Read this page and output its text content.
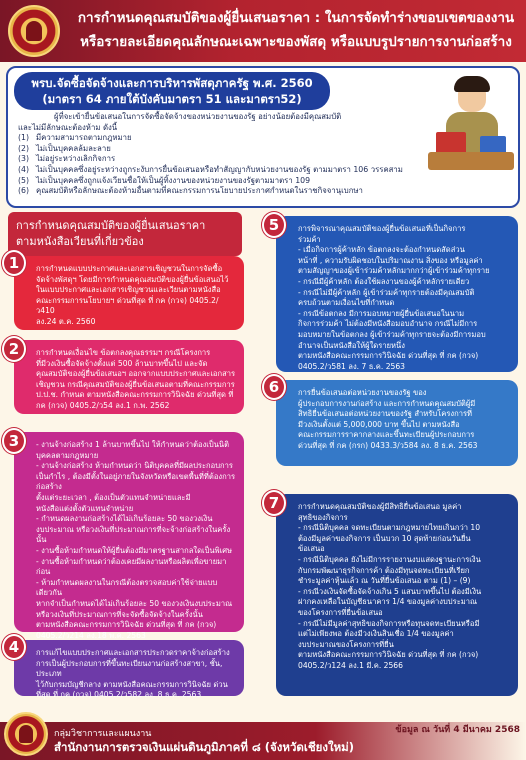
การกำหนดคุณสมบัติของผู้ยื่นเสนอราคา : ในการจัดทำร่างขอบเขตของงาน
หรือรายละเอียดคุณลักษณะเฉพาะของพัสดุ หรือแบบรูปรายการงานก่อสร้าง
พรบ.จัดซื้อจัดจ้างและการบริหารพัสดุภาครัฐ พ.ศ. 2560
(มาตรา 64 ภายใต้บังคับมาตรา 51 และมาตรา52)
ผู้ที่จะเข้ายื่นข้อเสนอในการจัดซื้อจัดจ้างของหน่วยงานของรัฐ อย่างน้อยต้องมีคุณสมบัติ
และไม่มีลักษณะต้องห้าม ดังนี้
(1) มีความสามารถตามกฎหมาย
(2) ไม่เป็นบุคคลล้มละลาย
(3) ไม่อยู่ระหว่างเลิกกิจการ
(4) ไม่เป็นบุคคลซึ่งอยู่ระหว่างถูกระงับการยื่นข้อเสนอหรือทำสัญญากับหน่วยงานของรัฐ ตามมาตรา 106 วรรคสาม
(5) ไม่เป็นบุคคลซึ่งถูกแจ้งเวียนชื่อให้เป็นผู้ทิ้งงานของหน่วยงานของรัฐตามมาตรา 109
(6) คุณสมบัติหรือลักษณะต้องห้ามอื่นตามที่คณะกรรมการนโยบายประกาศกำหนดในราชกิจจานุเบกษา
การกำหนดคุณสมบัติของผู้ยื่นเสนอราคา
ตามหนังสือเวียนที่เกี่ยวข้อง
การกำหนดแบบประกาศและเอกสารเชิญชวนในการจัดซื้อ
จัดจ้างพัสดุฯ โดยมีการกำหนดคุณสมบัติของผู้ยื่นข้อเสนอไว้
ในแบบประกาศและเอกสารเชิญชวนและเวียนตามหนังสือ
คณะกรรมการนโยบายฯ ด่วนที่สุด ที่ กค (กวจ) 0405.2/ว410
ลง.24 ต.ค. 2560
1
การกำหนดเงื่อนไข ข้อตกลงคุณธรรมฯ กรณีโครงการ
ที่มีวงเงินซื้อจัดจ้างตั้งแต่ 500 ล้านบาทขึ้นไป และจัด
คุณสมบัติของผู้ยื่นข้อเสนอฯ ออกจากแบบประกาศและเอกสาร
เชิญชวน กรณีคุณสมบัติของผู้ยื่นข้อเสนอตามที่คณะกรรมการ
ป.ป.ช. กำหนด ตามหนังสือคณะกรรมการวินิจฉัย ด่วนที่สุด ที่
กค (กวจ) 0405.2/ว54 ลง.1 ก.พ. 2562
2
- งานจ้างก่อสร้าง 1 ล้านบาทขึ้นไป ให้กำหนดว่าต้องเป็นนิติ
บุคคลตามกฎหมาย
- งานจ้างก่อสร้าง ห้ามกำหนดว่า นิติบุคคลที่มีผลประกอบการ
เป็นกำไร , ต้องมีตั้งในอยู่ภายในจังหวัดหรือเขตพื้นที่ที่ต้องการก่อสร้าง
ตั้งแต่ระยะเวลา , ต้องเป็นตัวแทนจำหน่ายและมี
หนังสือแต่งตั้งตัวแทนจำหน่าย
- กำหนดผลงานก่อสร้างได้ไม่เกินร้อยละ 50 ของวงเงิน
งบประมาณ หรือวงเงินที่ประมาณการที่จะจ้างก่อสร้างในครั้งนั้น
- งานซื้อห้ามกำหนดให้ผู้ยื่นต้องมีมาตรฐานสากลใดเป็นพิเศษ
- งานซื้อห้ามกำหนดว่าต้องเคยมีผลงานหรือผลิตเพื่อขายมาก่อน
- ห้ามกำหนดผลงานในกรณีต้องตรวจสอบค่าใช้จ่ายแบบเดียวกัน
หากจำเป็นกำหนดได้ไม่เกินร้อยละ 50 ของวงเงินงบประมาณ
หรือวงเงินที่ประมาณการที่จะจัดซื้อจัดจ้างในครั้งนั้น
ตามหนังสือคณะกรรมการวินิจฉัย ด่วนที่สุด ที่ กค (กวจ)
0405.2/ว214 ลง.18 พ.ค. 2563
3
การแก้ไขแบบประกาศและเอกสารประกวดราคาจ้างก่อสร้าง
การเป็นผู้ประกอบการที่ขึ้นทะเบียนงานก่อสร้างสาขา, ชั้น, ประเภท
ไว้กับกรมบัญชีกลาง ตามหนังสือคณะกรรมการวินิจฉัย ด่วน
ที่สุด ที่ กค (กวจ) 0405.2/ว582 ลง. 8 ธ.ค. 2563
4
การพิจารณาคุณสมบัติของผู้ยื่นข้อเสนอที่เป็นกิจการ
ร่วมค้า
- เมื่อกิจการผู้ค้าหลัก ข้อตกลงจะต้องกำหนดสัดส่วน
หน้าที่ , ความรับผิดชอบในปริมาณงาน สิ่งของ หรือมูลค่า
ตามสัญญาของผู้เข้าร่วมค้าหลักมากกว่าผู้เข้าร่วมค้าทุกราย
- กรณีมีผู้ค้าหลัก ต้องใช้ผลงานของผู้ค้าหลักรายเดียว
- กรณีไม่มีผู้ค้าหลัก ผู้เข้าร่วมค้าทุกรายต้องมีคุณสมบัติ
ครบถ้วนตามเงื่อนไขที่กำหนด
- กรณีข้อตกลง มีการมอบหมายผู้ยื่นข้อเสนอในนาม
กิจการร่วมค้า ไม่ต้องมีหนังสือมอบอำนาจ กรณีไม่มีการ
มอบหมายในข้อตกลง ผู้เข้าร่วมค้าทุกรายจะต้องมีการมอบ
อำนาจเป็นหนังสือให้ผู้ใดรายหนึ่ง
ตามหนังสือคณะกรรมการวินิจฉัย ด่วนที่สุด ที่ กค (กวจ)
0405.2/ว581 ลง. 7 ธ.ค. 2563
5
การยื่นข้อเสนอต่อหน่วยงานของรัฐ ของ
ผู้ประกอบการงานก่อสร้าง และการกำหนดคุณสมบัติผู้มี
สิทธิยื่นข้อเสนอต่อหน่วยงานของรัฐ สำหรับโครงการที่
มีวงเงินตั้งแต่ 5,000,000 บาท ขึ้นไป ตามหนังสือ
คณะกรรมการราคากลางและขึ้นทะเบียนผู้ประกอบการ
ด่วนที่สุด ที่ กค (กรก) 0433.3/ว584 ลง. 8 ธ.ค. 2563
6
การกำหนดคุณสมบัติของผู้มีสิทธิยื่นข้อเสนอ มูลค่า
สุทธิของกิจการ
- กรณีนิติบุคคล จดทะเบียนตามกฎหมายไทยเกินกว่า 10
ต้องมีมูลค่าของกิจการ เป็นบวก 10 สุดท้ายก่อนวันยื่น
ข้อเสนอ
- กรณีนิติบุคคล ยังไม่มีการรายงานงบแสดงฐานะการเงิน
กับกรมพัฒนาธุรกิจการค้า ต้องมีทุนจดทะเบียนที่เรียก
ชำระมูลค่าหุ้นแล้ว ณ วันที่ยื่นข้อเสนอ ตาม (1) – (9)
- กรณีวงเงินจัดซื้อจัดจ้างเกิน 5 แสนบาทขึ้นไป ต้องมีเงิน
ฝากคงเหลือในบัญชีธนาคาร 1/4 ของมูลค่างบประมาณ
ของโครงการที่ยื่นข้อเสนอ
- กรณีไม่มีมูลค่าสุทธิของกิจการหรือทุนจดทะเบียนหรือมี
แต่ไม่เพียงพอ ต้องมีวงเงินสินเชื่อ 1/4 ของมูลค่า
งบประมาณของโครงการที่ยื่น
ตามหนังสือคณะกรรมการวินิจฉัย ด่วนที่สุด ที่ กค (กวจ)
0405.2/ว124 ลง.1 มี.ค. 2566
7
กลุ่มวิชาการและแผนงาน
สำนักงานการตรวจเงินแผ่นดินภูมิภาคที่ ๘ (จังหวัดเชียงใหม่)
ข้อมูล ณ วันที่ 4 มีนาคม 2568
